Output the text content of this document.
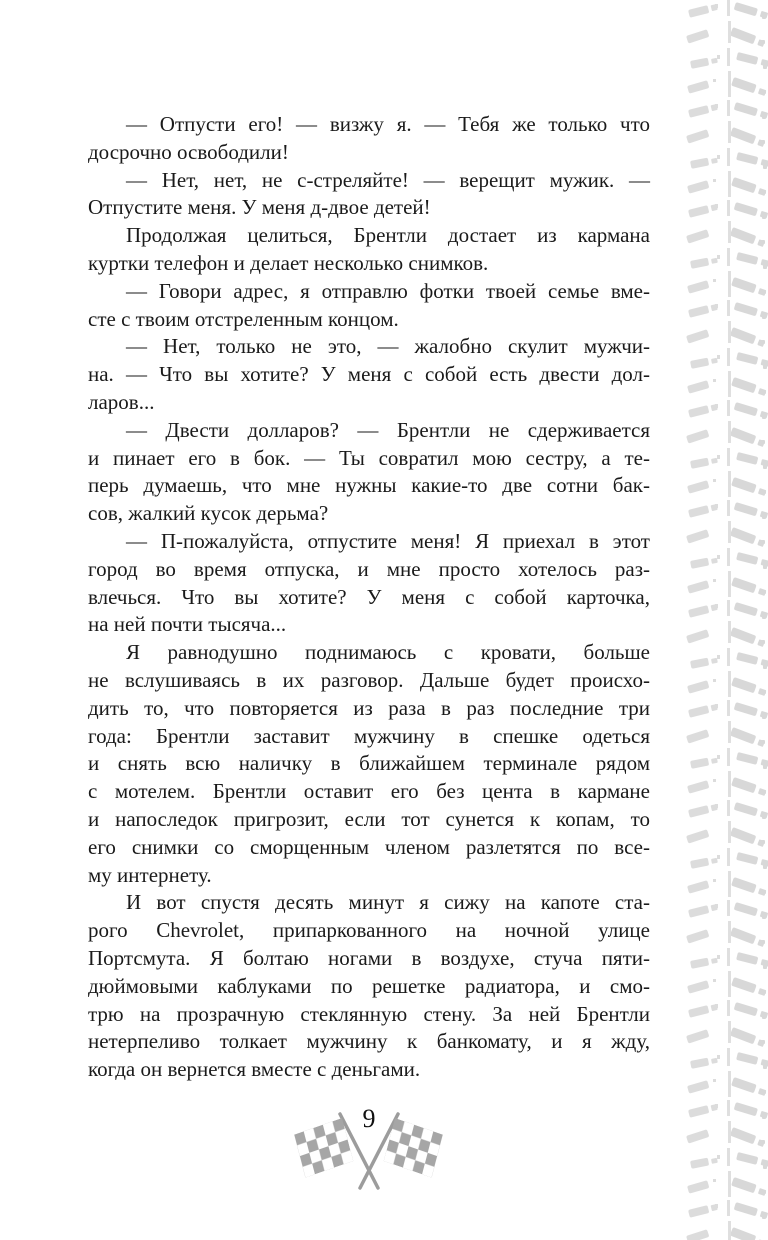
— Отпусти его! — визжу я. — Тебя же только что
досрочно освободили!
— Нет, нет, не с-стреляйте! — верещит мужик. —
Отпустите меня. У меня д-двое детей!
Продолжая целиться, Брентли достает из кармана
куртки телефон и делает несколько снимков.
— Говори адрес, я отправлю фотки твоей семье вме-
сте с твоим отстреленным концом.
— Нет, только не это, — жалобно скулит мужчи-
на. — Что вы хотите? У меня с собой есть двести дол-
ларов...
— Двести долларов? — Брентли не сдерживается
и пинает его в бок. — Ты совратил мою сестру, а те-
перь думаешь, что мне нужны какие-то две сотни бак-
сов, жалкий кусок дерьма?
— П-пожалуйста, отпустите меня! Я приехал в этот
город во время отпуска, и мне просто хотелось раз-
влечься. Что вы хотите? У меня с собой карточка,
на ней почти тысяча...
Я равнодушно поднимаюсь с кровати, больше
не вслушиваясь в их разговор. Дальше будет происхо-
дить то, что повторяется из раза в раз последние три
года: Брентли заставит мужчину в спешке одеться
и снять всю наличку в ближайшем терминале рядом
с мотелем. Брентли оставит его без цента в кармане
и напоследок пригрозит, если тот сунется к копам, то
его снимки со сморщенным членом разлетятся по все-
му интернету.
И вот спустя десять минут я сижу на капоте ста-
рого Chevrolet, припаркованного на ночной улице
Портсмута. Я болтаю ногами в воздухе, стуча пяти-
дюймовыми каблуками по решетке радиатора, и смо-
трю на прозрачную стеклянную стену. За ней Брентли
нетерпеливо толкает мужчину к банкомату, и я жду,
когда он вернется вместе с деньгами.
9
